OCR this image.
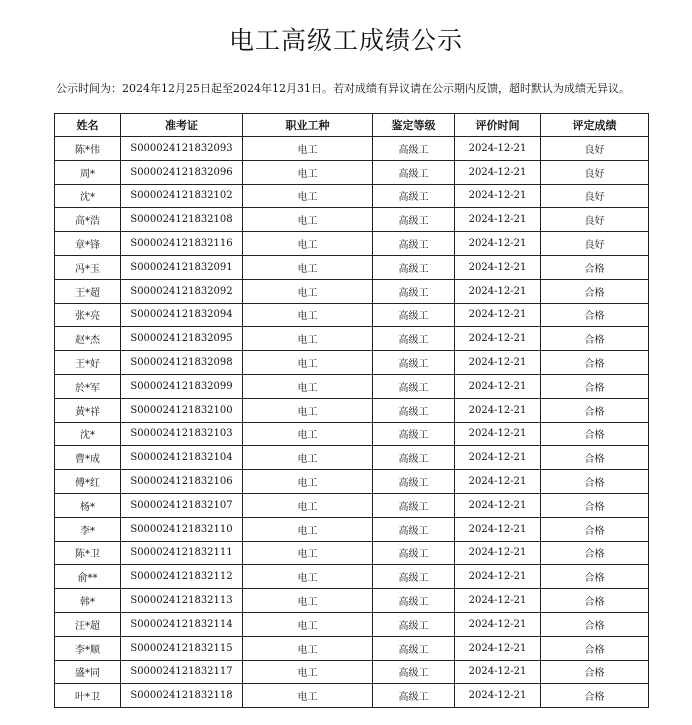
电工高级工成绩公示

公示时间为：2024年12月25日起至2024年12月31日。若对成绩有异议请在公示期内反馈，超时默认为成绩无异议。

姓名	准考证	职业工种	鉴定等级	评价时间	评定成绩
陈*伟	S000024121832093	电工	高级工	2024-12-21	良好
周*	S000024121832096	电工	高级工	2024-12-21	良好
沈*	S000024121832102	电工	高级工	2024-12-21	良好
高*浩	S000024121832108	电工	高级工	2024-12-21	良好
章*锋	S000024121832116	电工	高级工	2024-12-21	良好
冯*玉	S000024121832091	电工	高级工	2024-12-21	合格
王*超	S000024121832092	电工	高级工	2024-12-21	合格
张*亮	S000024121832094	电工	高级工	2024-12-21	合格
赵*杰	S000024121832095	电工	高级工	2024-12-21	合格
王*好	S000024121832098	电工	高级工	2024-12-21	合格
於*军	S000024121832099	电工	高级工	2024-12-21	合格
黄*祥	S000024121832100	电工	高级工	2024-12-21	合格
沈*	S000024121832103	电工	高级工	2024-12-21	合格
曹*成	S000024121832104	电工	高级工	2024-12-21	合格
傅*红	S000024121832106	电工	高级工	2024-12-21	合格
杨*	S000024121832107	电工	高级工	2024-12-21	合格
李*	S000024121832110	电工	高级工	2024-12-21	合格
陈*卫	S000024121832111	电工	高级工	2024-12-21	合格
俞**	S000024121832112	电工	高级工	2024-12-21	合格
韩*	S000024121832113	电工	高级工	2024-12-21	合格
汪*超	S000024121832114	电工	高级工	2024-12-21	合格
李*顺	S000024121832115	电工	高级工	2024-12-21	合格
盛*同	S000024121832117	电工	高级工	2024-12-21	合格
叶*卫	S000024121832118	电工	高级工	2024-12-21	合格
